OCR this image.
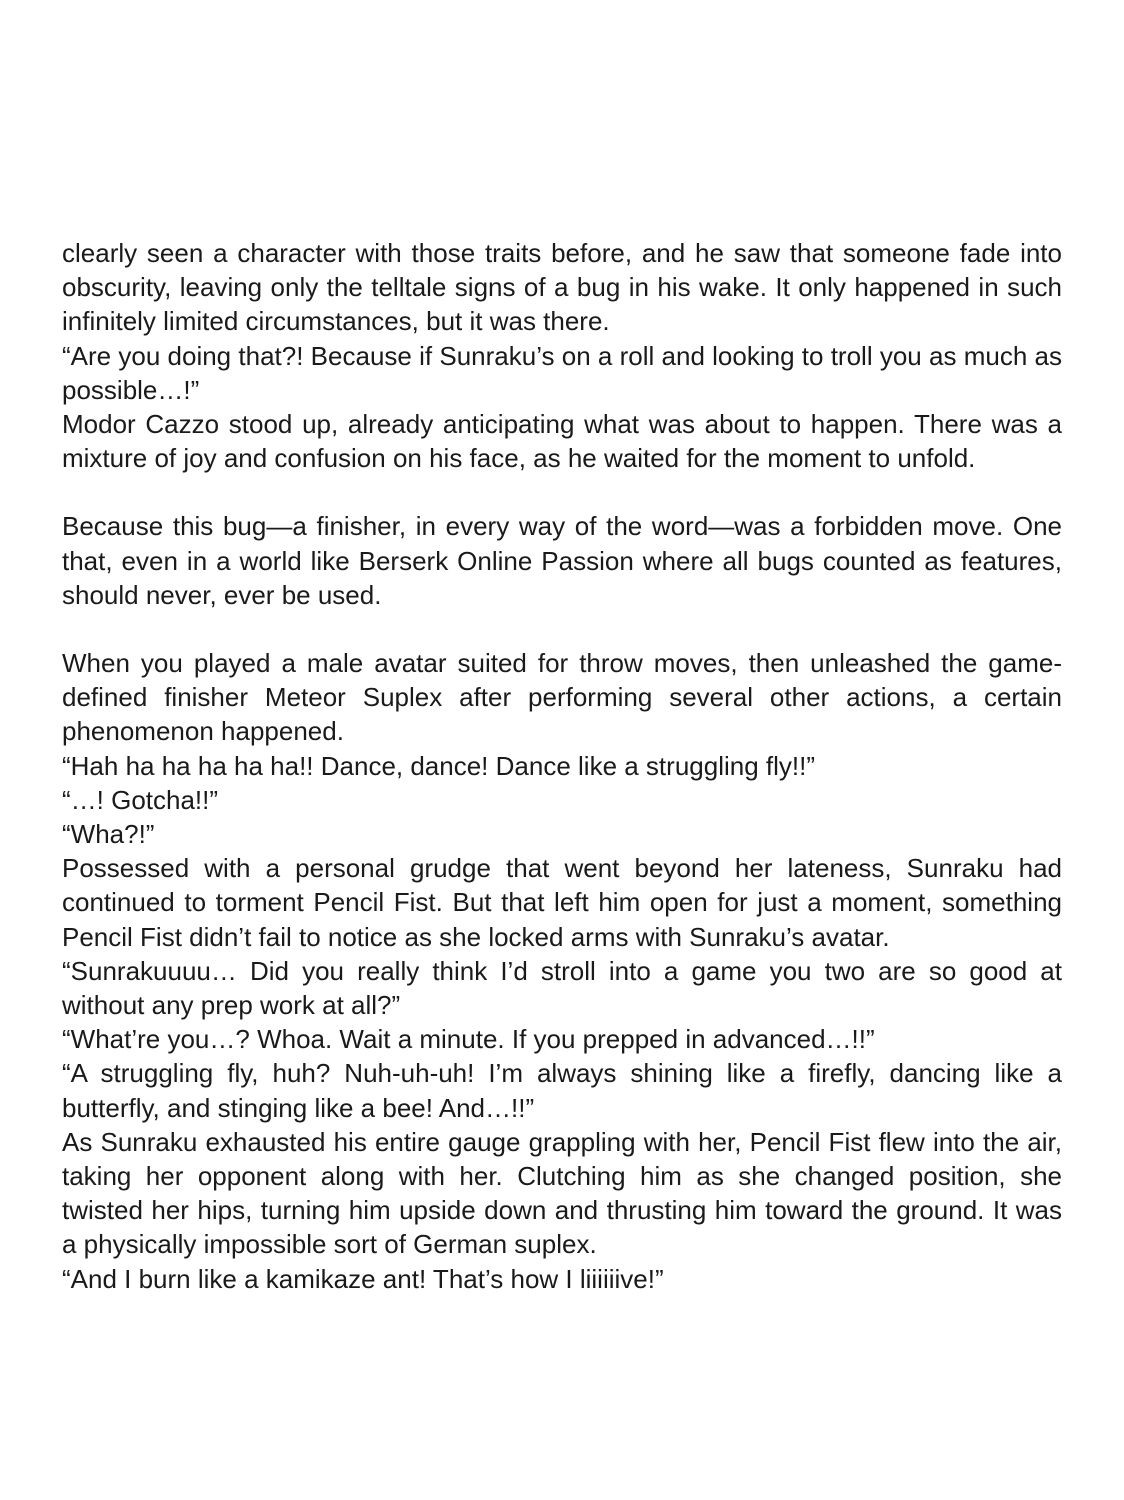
clearly seen a character with those traits before, and he saw that someone fade into obscurity, leaving only the telltale signs of a bug in his wake. It only happened in such infinitely limited circumstances, but it was there.

“Are you doing that?! Because if Sunraku’s on a roll and looking to troll you as much as possible…!”

Modor Cazzo stood up, already anticipating what was about to happen. There was a mixture of joy and confusion on his face, as he waited for the moment to unfold.

Because this bug—a finisher, in every way of the word—was a forbidden move. One that, even in a world like Berserk Online Passion where all bugs counted as features, should never, ever be used.

When you played a male avatar suited for throw moves, then unleashed the game-defined finisher Meteor Suplex after performing several other actions, a certain phenomenon happened.

“Hah ha ha ha ha ha!! Dance, dance! Dance like a struggling fly!!”

“…! Gotcha!!”

“Wha?!”

Possessed with a personal grudge that went beyond her lateness, Sunraku had continued to torment Pencil Fist. But that left him open for just a moment, something Pencil Fist didn’t fail to notice as she locked arms with Sunraku’s avatar.

“Sunrakuuuu… Did you really think I’d stroll into a game you two are so good at without any prep work at all?”

“What’re you…? Whoa. Wait a minute. If you prepped in advanced…!!”

“A struggling fly, huh? Nuh-uh-uh! I’m always shining like a firefly, dancing like a butterfly, and stinging like a bee! And…!!”

As Sunraku exhausted his entire gauge grappling with her, Pencil Fist flew into the air, taking her opponent along with her. Clutching him as she changed position, she twisted her hips, turning him upside down and thrusting him toward the ground. It was a physically impossible sort of German suplex.

“And I burn like a kamikaze ant! That’s how I liiiiiive!”
